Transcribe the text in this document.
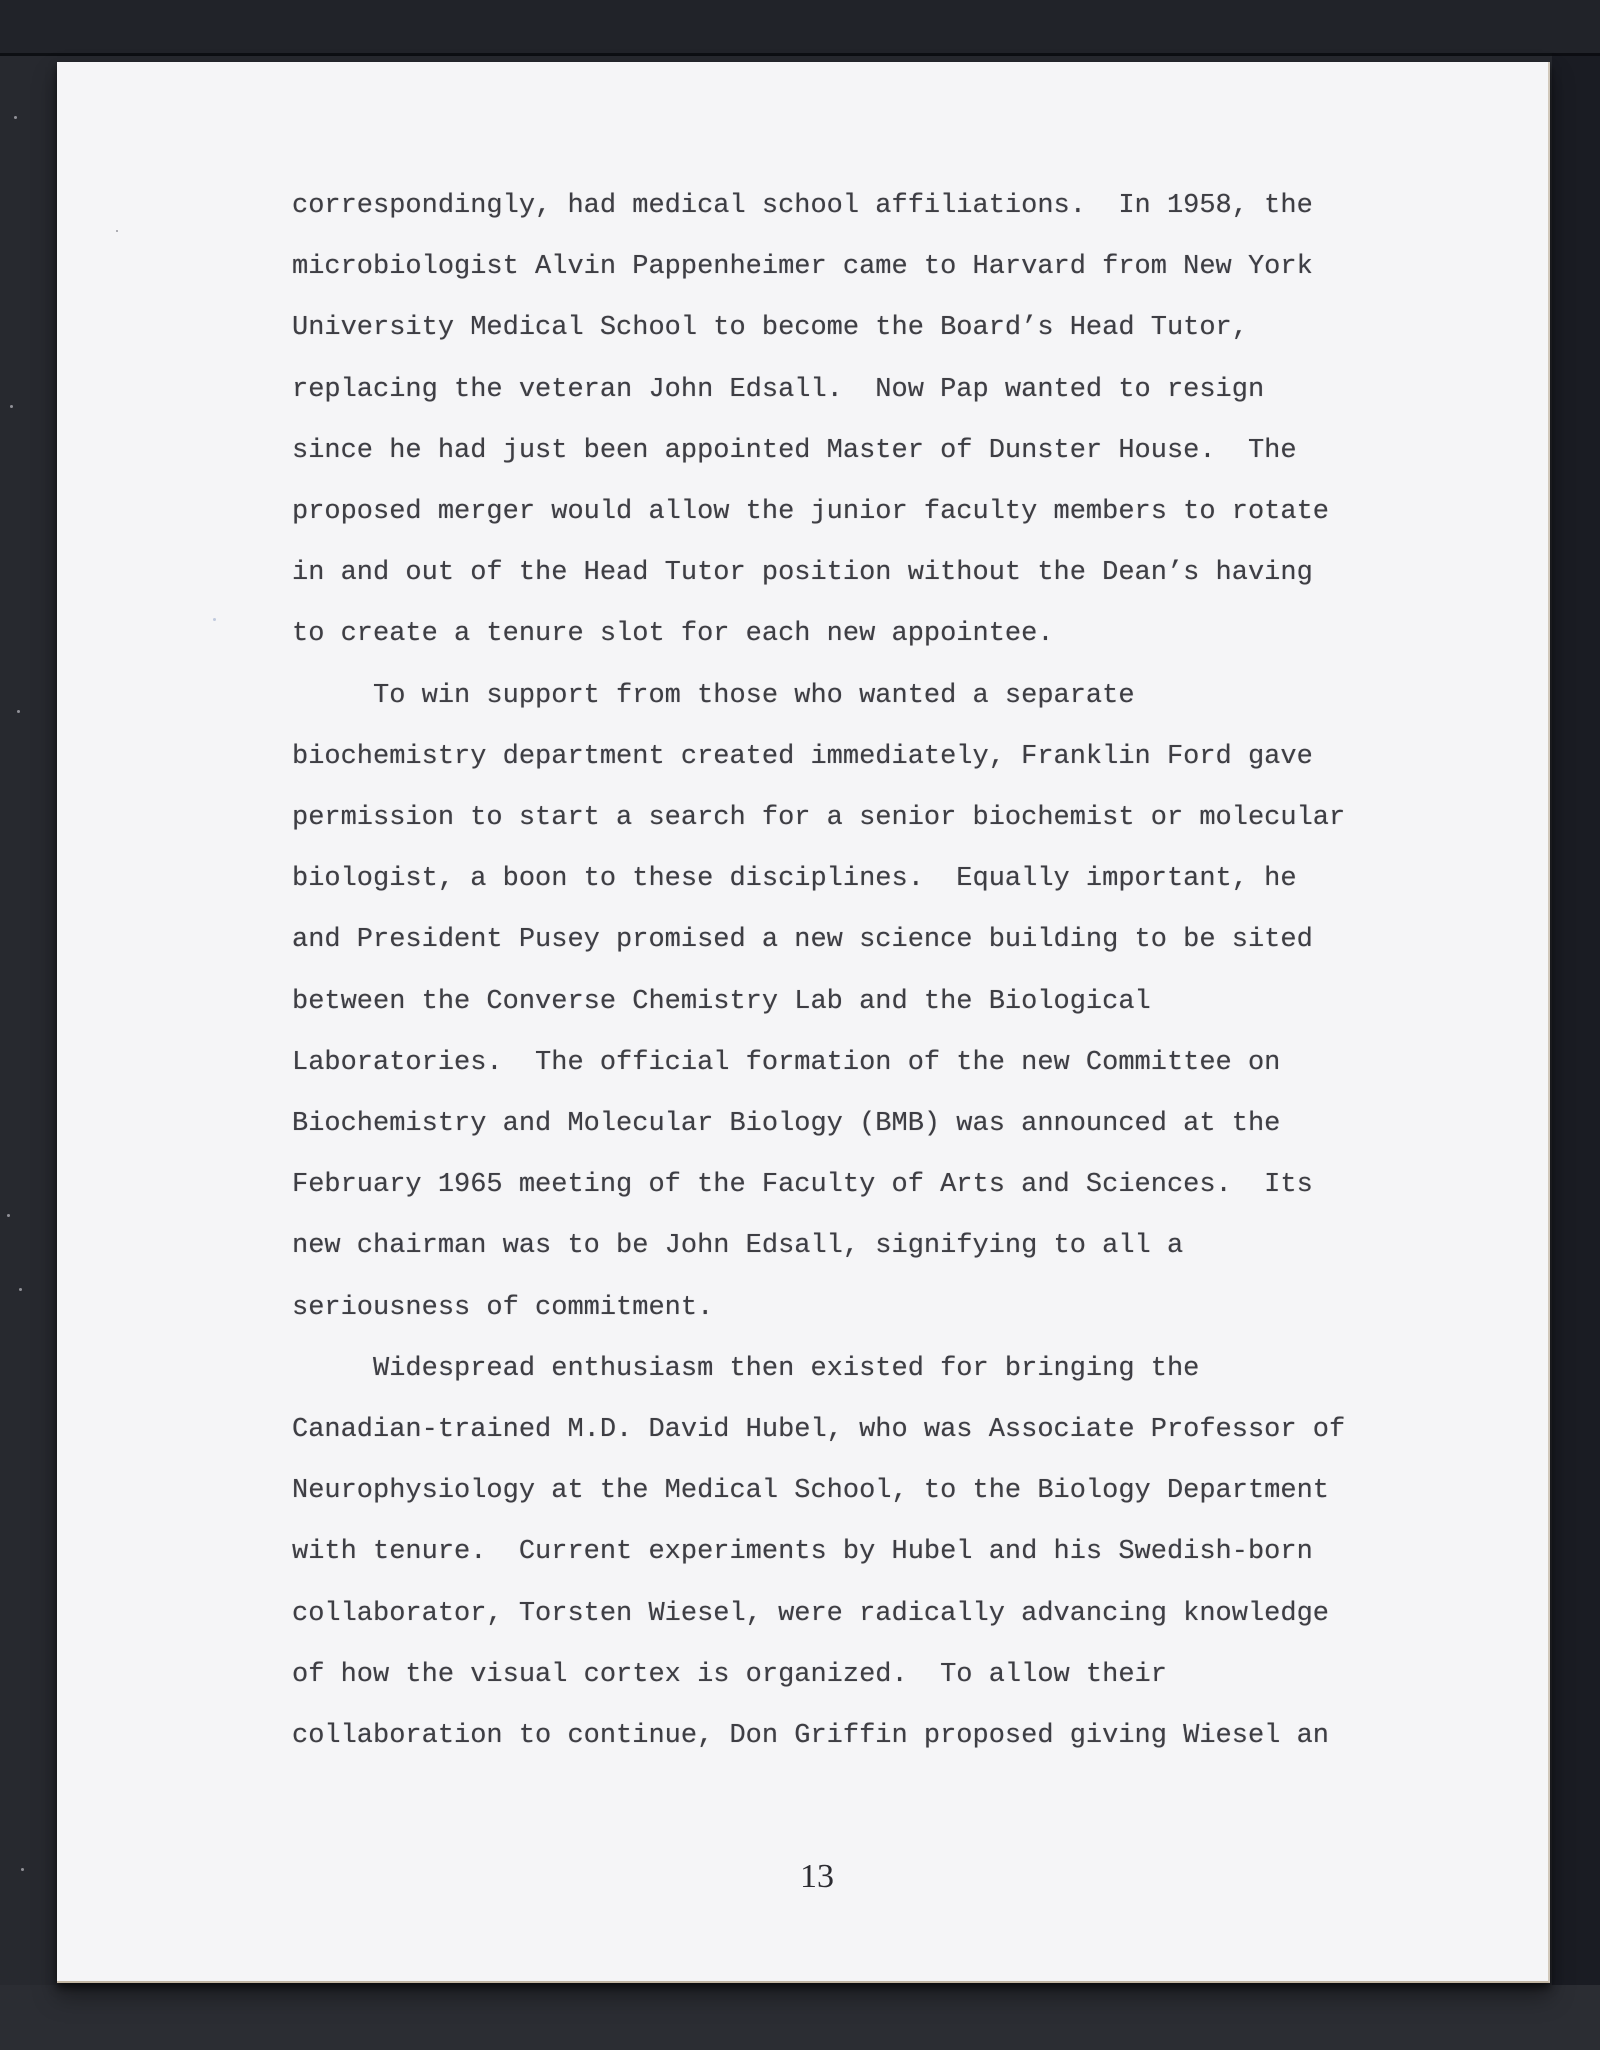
correspondingly, had medical school affiliations.  In 1958, the
microbiologist Alvin Pappenheimer came to Harvard from New York
University Medical School to become the Board’s Head Tutor,
replacing the veteran John Edsall.  Now Pap wanted to resign
since he had just been appointed Master of Dunster House.  The
proposed merger would allow the junior faculty members to rotate
in and out of the Head Tutor position without the Dean’s having
to create a tenure slot for each new appointee.
To win support from those who wanted a separate
biochemistry department created immediately, Franklin Ford gave
permission to start a search for a senior biochemist or molecular
biologist, a boon to these disciplines.  Equally important, he
and President Pusey promised a new science building to be sited
between the Converse Chemistry Lab and the Biological
Laboratories.  The official formation of the new Committee on
Biochemistry and Molecular Biology (BMB) was announced at the
February 1965 meeting of the Faculty of Arts and Sciences.  Its
new chairman was to be John Edsall, signifying to all a
seriousness of commitment.
Widespread enthusiasm then existed for bringing the
Canadian-trained M.D. David Hubel, who was Associate Professor of
Neurophysiology at the Medical School, to the Biology Department
with tenure.  Current experiments by Hubel and his Swedish-born
collaborator, Torsten Wiesel, were radically advancing knowledge
of how the visual cortex is organized.  To allow their
collaboration to continue, Don Griffin proposed giving Wiesel an
13
